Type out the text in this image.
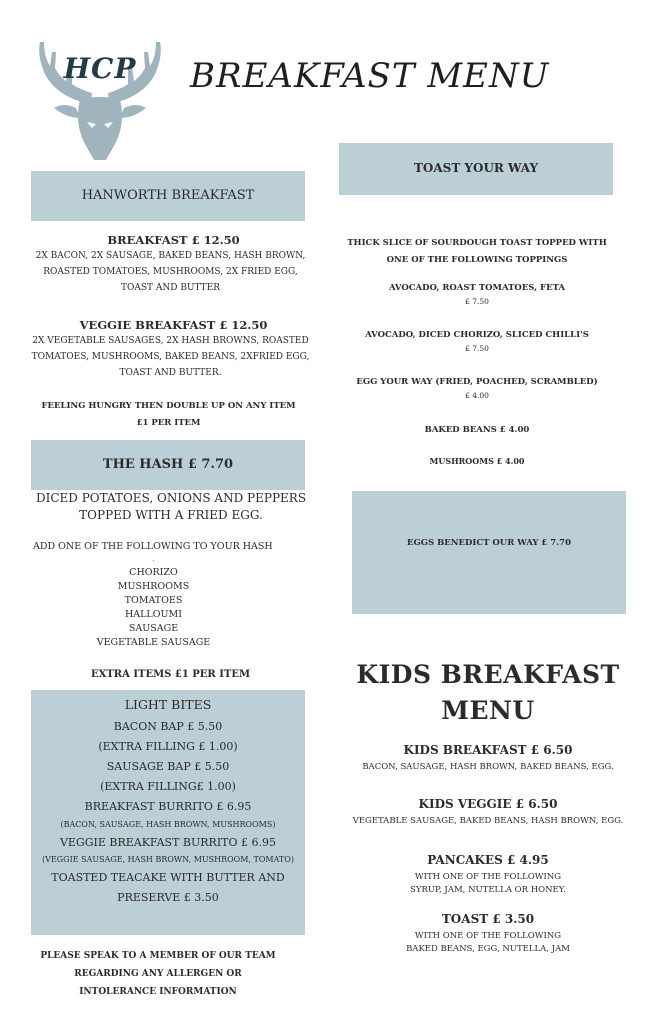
HCP	BREAKFAST MENU
HANWORTH BREAKFAST
BREAKFAST £ 12.50
2X BACON, 2X SAUSAGE, BAKED BEANS, HASH BROWN, ROASTED TOMATOES, MUSHROOMS, 2X FRIED EGG, TOAST AND BUTTER
VEGGIE BREAKFAST £ 12.50
2X VEGETABLE SAUSAGES, 2X HASH BROWNS, ROASTED TOMATOES, MUSHROOMS, BAKED BEANS, 2XFRIED EGG, TOAST AND BUTTER.
FEELING HUNGRY THEN DOUBLE UP ON ANY ITEM
£1 PER ITEM
THE HASH £ 7.70
DICED POTATOES, ONIONS AND PEPPERS TOPPED WITH A FRIED EGG.
ADD ONE OF THE FOLLOWING TO YOUR HASH
.
CHORIZO
MUSHROOMS
TOMATOES
HALLOUMI
SAUSAGE
VEGETABLE SAUSAGE
EXTRA ITEMS £1 PER ITEM
LIGHT BITES
BACON BAP £ 5.50
(EXTRA FILLING £ 1.00)
SAUSAGE BAP £ 5.50
(EXTRA FILLING£ 1.00)
BREAKFAST BURRITO £ 6.95
(BACON, SAUSAGE, HASH BROWN, MUSHROOMS)
VEGGIE BREAKFAST BURRITO £ 6.95
(VEGGIE SAUSAGE, HASH BROWN, MUSHROOM, TOMATO)
TOASTED TEACAKE WITH BUTTER AND
PRESERVE £ 3.50
PLEASE SPEAK TO A MEMBER OF OUR TEAM
REGARDING ANY ALLERGEN OR
INTOLERANCE INFORMATION
TOAST YOUR WAY
THICK SLICE OF SOURDOUGH TOAST TOPPED WITH
ONE OF THE FOLLOWING TOPPINGS
AVOCADO, ROAST TOMATOES, FETA
£ 7.50
AVOCADO, DICED CHORIZO, SLICED CHILLI'S
£ 7.50
EGG YOUR WAY (FRIED, POACHED, SCRAMBLED)
£ 4.00
BAKED BEANS £ 4.00
MUSHROOMS £ 4.00
EGGS BENEDICT OUR WAY £ 7.70
KIDS BREAKFAST
MENU
KIDS BREAKFAST £ 6.50
BACON, SAUSAGE, HASH BROWN, BAKED BEANS, EGG.
KIDS VEGGIE £ 6.50
VEGETABLE SAUSAGE, BAKED BEANS, HASH BROWN, EGG.
PANCAKES £ 4.95
WITH ONE OF THE FOLLOWING
SYRUP, JAM, NUTELLA OR HONEY.
TOAST £ 3.50
WITH ONE OF THE FOLLOWING
BAKED BEANS, EGG, NUTELLA, JAM
